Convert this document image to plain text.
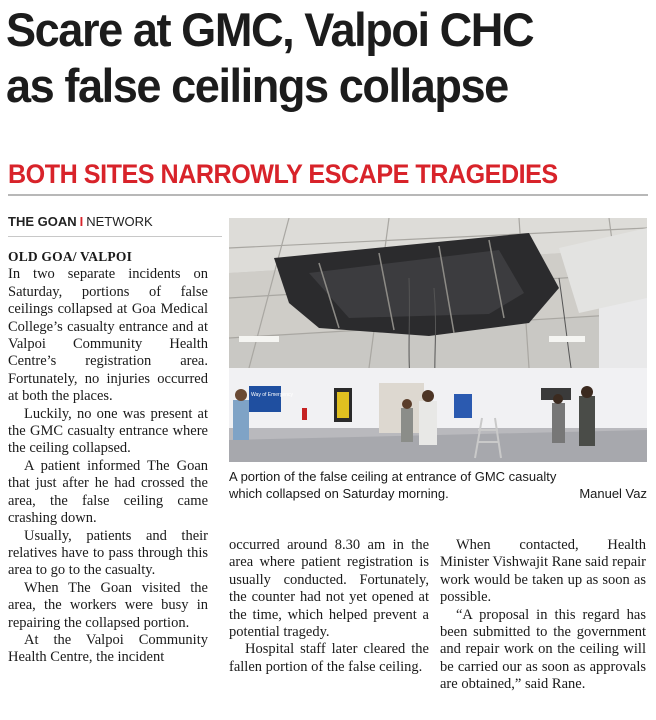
Scare at GMC, Valpoi CHC
as false ceilings collapse
BOTH SITES NARROWLY ESCAPE TRAGEDIES
THE GOAN I NETWORK
OLD GOA/ VALPOI

In two separate incidents on Saturday, portions of false ceilings collapsed at Goa Medical College’s casualty entrance and at Valpoi Community Health Centre’s registration area. Fortunately, no injuries occurred at both the places.

Luckily, no one was present at the GMC casualty entrance where the ceiling collapsed.

A patient informed The Goan that just after he had crossed the area, the false ceiling came crashing down.

Usually, patients and their relatives have to pass through this area to go to the casualty.

When The Goan visited the area, the workers were busy in repairing the collapsed portion.

At the Valpoi Community Health Centre, the incident

Way of Emergency
A portion of the false ceiling at entrance of GMC casualty
which collapsed on Saturday morning.	Manuel Vaz

occurred around 8.30 am in the area where patient registration is usually conducted. Fortunately, the counter had not yet opened at the time, which helped prevent a potential tragedy.

Hospital staff later cleared the fallen portion of the false ceiling.

When contacted, Health Minister Vishwajit Rane said repair work would be taken up as soon as possible.

“A proposal in this regard has been submitted to the government and repair work on the ceiling will be carried our as soon as approvals are obtained,” said Rane.
